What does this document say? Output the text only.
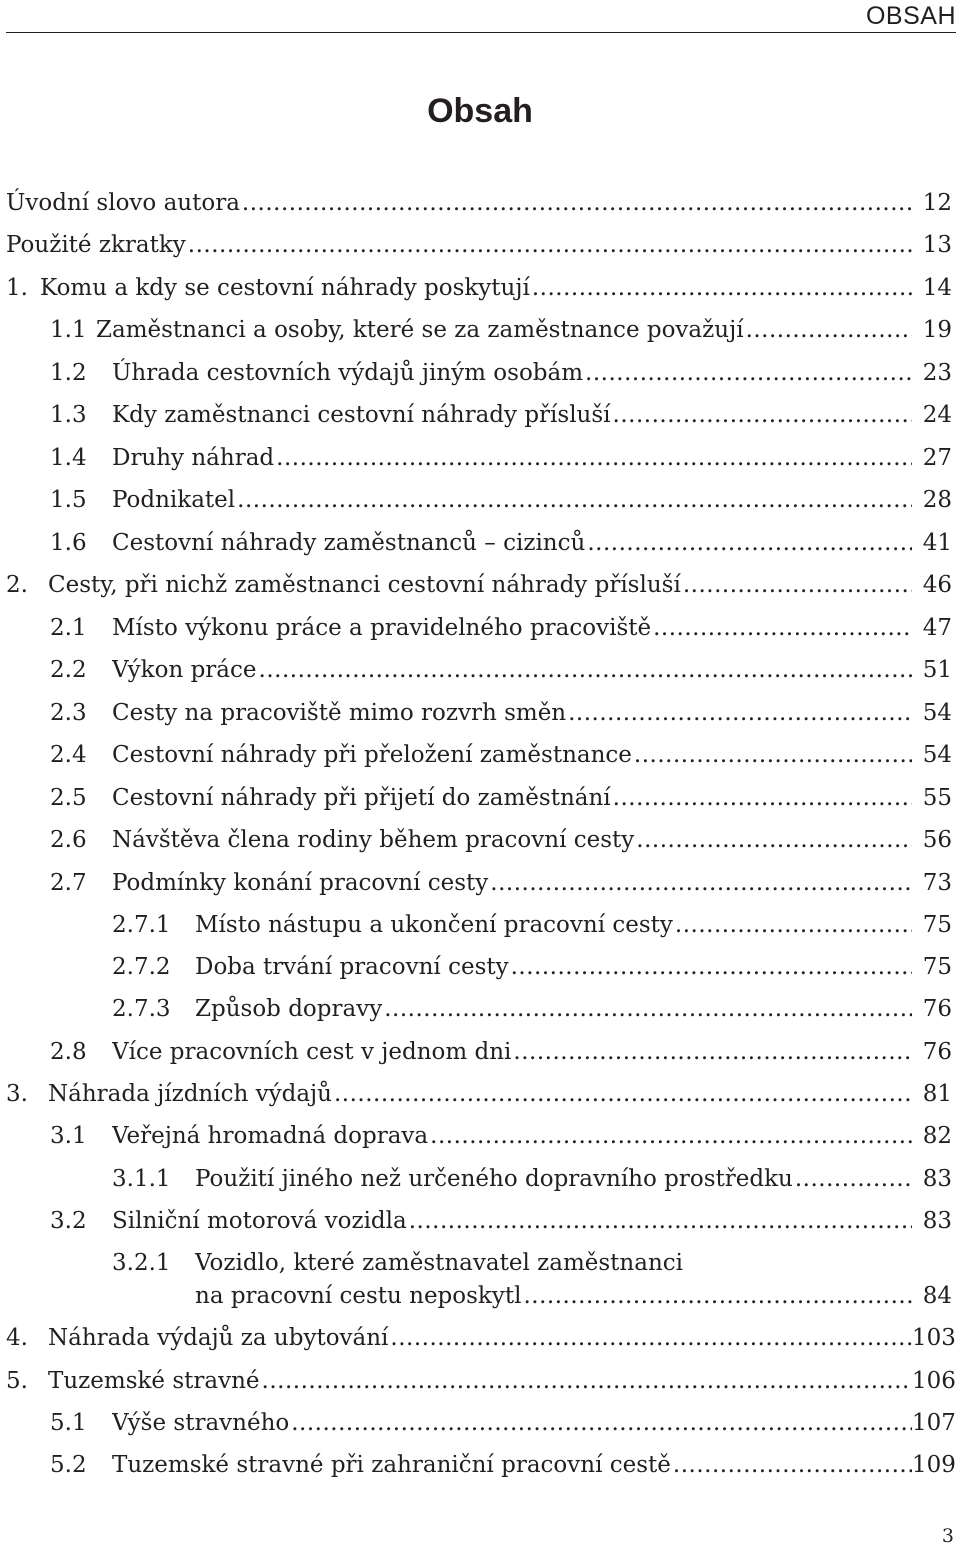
OBSAH
Obsah
Úvodní slovo autora .....	12
Použité zkratky .....	13
1. Komu a kdy se cestovní náhrady poskytují .....	14
1.1 Zaměstnanci a osoby, které se za zaměstnance považují .....	19
1.2 Úhrada cestovních výdajů jiným osobám .....	23
1.3 Kdy zaměstnanci cestovní náhrady přísluší .....	24
1.4 Druhy náhrad .....	27
1.5 Podnikatel .....	28
1.6 Cestovní náhrady zaměstnanců – cizinců .....	41
2. Cesty, při nichž zaměstnanci cestovní náhrady přísluší .....	46
2.1 Místo výkonu práce a pravidelného pracoviště .....	47
2.2 Výkon práce .....	51
2.3 Cesty na pracoviště mimo rozvrh směn .....	54
2.4 Cestovní náhrady při přeložení zaměstnance .....	54
2.5 Cestovní náhrady při přijetí do zaměstnání .....	55
2.6 Návštěva člena rodiny během pracovní cesty .....	56
2.7 Podmínky konání pracovní cesty .....	73
2.7.1 Místo nástupu a ukončení pracovní cesty .....	75
2.7.2 Doba trvání pracovní cesty .....	75
2.7.3 Způsob dopravy .....	76
2.8 Více pracovních cest v jednom dni .....	76
3. Náhrada jízdních výdajů .....	81
3.1 Veřejná hromadná doprava .....	82
3.1.1 Použití jiného než určeného dopravního prostředku .....	83
3.2 Silniční motorová vozidla .....	83
3.2.1 Vozidlo, které zaměstnavatel zaměstnanci
na pracovní cestu neposkytl .....	84
4. Náhrada výdajů za ubytování .....	103
5. Tuzemské stravné .....	106
5.1 Výše stravného .....	107
5.2 Tuzemské stravné při zahraniční pracovní cestě .....	109
3
